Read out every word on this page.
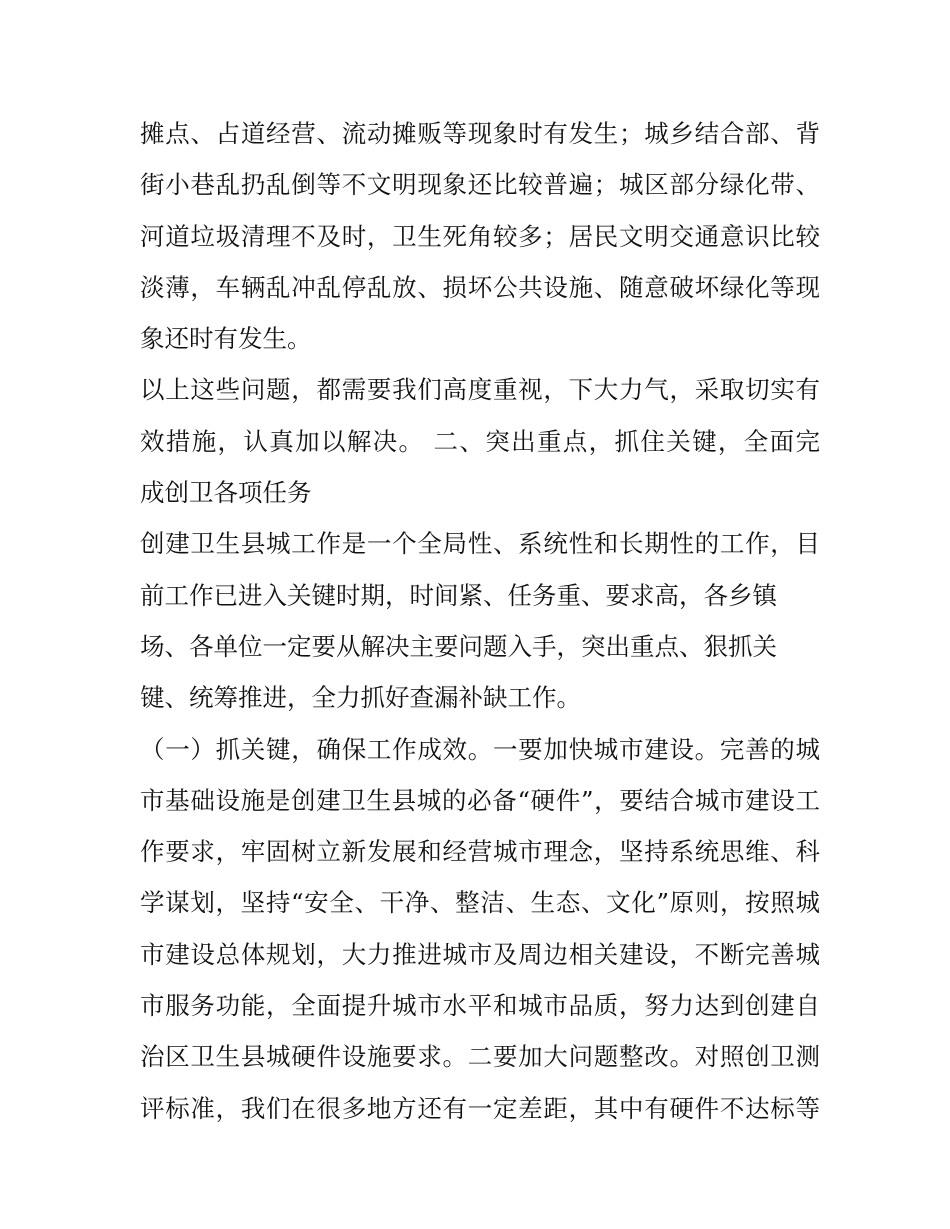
摊点、占道经营、流动摊贩等现象时有发生；城乡结合部、背
街小巷乱扔乱倒等不文明现象还比较普遍；城区部分绿化带、
河道垃圾清理不及时，卫生死角较多；居民文明交通意识比较
淡薄，车辆乱冲乱停乱放、损坏公共设施、随意破坏绿化等现
象还时有发生。
以上这些问题，都需要我们高度重视，下大力气，采取切实有
效措施，认真加以解决。 二、突出重点，抓住关键，全面完
成创卫各项任务
创建卫生县城工作是一个全局性、系统性和长期性的工作，目
前工作已进入关键时期，时间紧、任务重、要求高，各乡镇
场、各单位一定要从解决主要问题入手，突出重点、狠抓关
键、统筹推进，全力抓好查漏补缺工作。
（一）抓关键，确保工作成效。一要加快城市建设。完善的城
市基础设施是创建卫生县城的必备“硬件”，要结合城市建设工
作要求，牢固树立新发展和经营城市理念，坚持系统思维、科
学谋划，坚持“安全、干净、整洁、生态、文化”原则，按照城
市建设总体规划，大力推进城市及周边相关建设，不断完善城
市服务功能，全面提升城市水平和城市品质，努力达到创建自
治区卫生县城硬件设施要求。二要加大问题整改。对照创卫测
评标准，我们在很多地方还有一定差距，其中有硬件不达标等
